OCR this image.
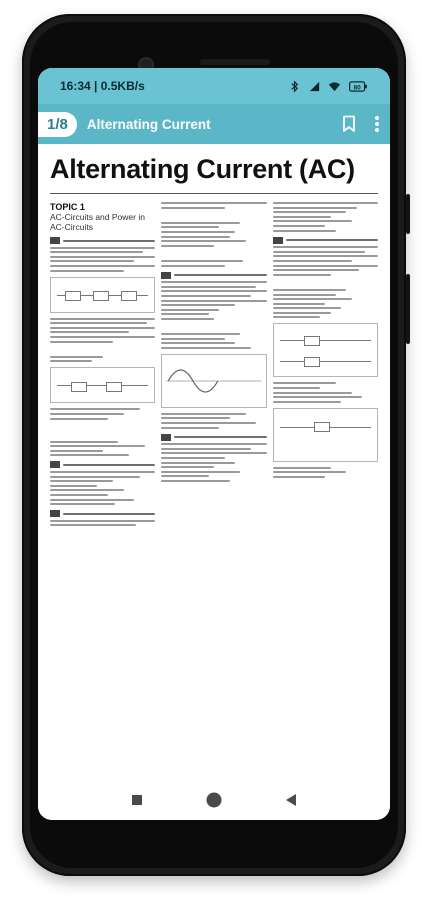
16:34 | 0.5KB/s	80
1/8	Alternating Current
Alternating Current (AC)
TOPIC 1
AC-Circuits and Power in AC-Circuits
